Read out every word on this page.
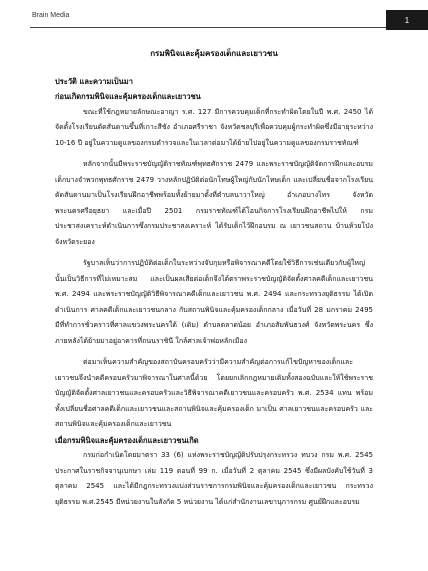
Brain Media	1
กรมพินิจและคุ้มครองเด็กและเยาวชน
ประวัติ และความเป็นมา
ก่อนเกิดกรมพินิจและคุ้มครองเด็กและเยาวชน

ขณะที่ใช้กฎหมายลักษณะอาญา ร.ศ. 127 มีการควบคุมเด็กที่กระทำผิดโดยในปี พ.ศ. 2450 ได้จัดตั้งโรงเรียนดัดสันดานขึ้นที่เกาะสีชัง อำเภอศรีราชา จังหวัดชลบุรีเพื่อควบคุมผู้กระทำผิดซึ่งมีอายุระหว่าง 10-16 ปี อยู่ในความดูแลของกรมตำรวจและในเวลาต่อมาได้ย้ายไปอยู่ในความดูแลของกรมราชทัณฑ์

หลักจากนั้นมีพระราชบัญญัติราชทัณฑ์พุทธศักราช 2479 และพระราชบัญญัติจัดการฝึกและอบรมเด็กบางจำพวกพุทธศักราช 2479 วางหลักปฏิบัติต่อนักโทษผู้ใหญ่กับนักโทษเด็ก และเปลี่ยนชื่อจากโรงเรียนดัดสันดานมาเป็นโรงเรียนฝึกอาชีพพร้อมทั้งย้ายมาตั้งที่ตำบลนาวาใหญ่ อำเภอบางไทร จังหวัดพระนครศรีอยุธยา และเมื่อปี 2501 กรมราชทัณฑ์ได้โอนกิจการโรงเรียนฝึกอาชีพไปให้ กรมประชาสงเคราะห์ดำเนินการซึ่งกรมประชาสงเคราะห์ ได้รับเด็กไว้ฝึกอบรม ณ เยาวชนสถาน บ้านห้วยโป่ง จังหวัดระยอง

รัฐบาลเห็นว่าการปฏิบัติต่อเด็กในระหว่างจับกุมหรือพิจารณาคดีโดยใช้วิธีการเช่นเดียวกับผู้ใหญ่นั้นเป็นวิธีการที่ไม่เหมาะสม และเป็นผลเสียต่อเด็กจึงได้ตราพระราชบัญญัติจัดตั้งศาลคดีเด็กและเยาวชน พ.ศ. 2494 และพระราชบัญญัติวิธีพิจารณาคดีเด็กและเยาวชน พ.ศ. 2494 และกระทรวงยุติธรรม ได้เปิดดำเนินการ ศาลคดีเด็กและเยาวชนกลาง กับสถานพินิจและคุ้มครองเด็กกลาง เมื่อวันที่ 28 มกราคม 2495 มีที่ทำการชั่วคราวที่ศาลแขวงพระนครใต้ (เดิม) ตำบลตลาดน้อย อำเภอสัมพันธวงศ์ จังหวัดพระนคร ซึ่งภายหลังได้ย้ายมาอยู่อาคารที่ถนนราชินี ใกล้ศาลเจ้าพ่อหลักเมือง

ต่อมาเห็นความสำคัญของสถาบันครอบครัวว่ามีความสำคัญต่อการแก้ไขปัญหาของเด็กและเยาวชนจึงนำคดีครอบครัวมาพิจารณาในศาลนี้ด้วย โดยยกเลิกกฎหมายเดิมทั้งสองฉบับและให้ใช้พระราชบัญญัติจัดตั้งศาลเยาวชนและครอบครัวและวิธีพิจารณาคดีเยาวชนและครอบครัว พ.ศ. 2534 แทน พร้อมทั้งเปลี่ยนชื่อศาลคดีเด็กและเยาวชนและสถานพินิจและคุ้มครองเด็ก มาเป็น ศาลเยาวชนและครอบครัว และสถานพินิจและคุ้มครองเด็กและเยาวชน

เมื่อกรมพินิจและคุ้มครองเด็กและเยาวชนเกิด

กรมก่อกำเนิดโดยมาตรา 33 (6) แห่งพระราชบัญญัติปรับปรุงกระทรวง ทบวง กรม พ.ศ. 2545 ประกาศในราชกิจจานุเบกษา เล่ม 119 ตอนที่ 99 ก. เมื่อวันที่ 2 ตุลาคม 2545 ซึ่งมีผลบังคับใช้วันที่ 3 ตุลาคม 2545 และได้มีกฎกระทรวงแบ่งส่วนราชการกรมพินิจและคุ้มครองเด็กและเยาวชน กระทรวงยุติธรรม พ.ศ.2545 มีหน่วยงานในสังกัด 5 หน่วยงาน ได้แก่สำนักงานเลขานุการกรม ศูนย์ฝึกและอบรม
